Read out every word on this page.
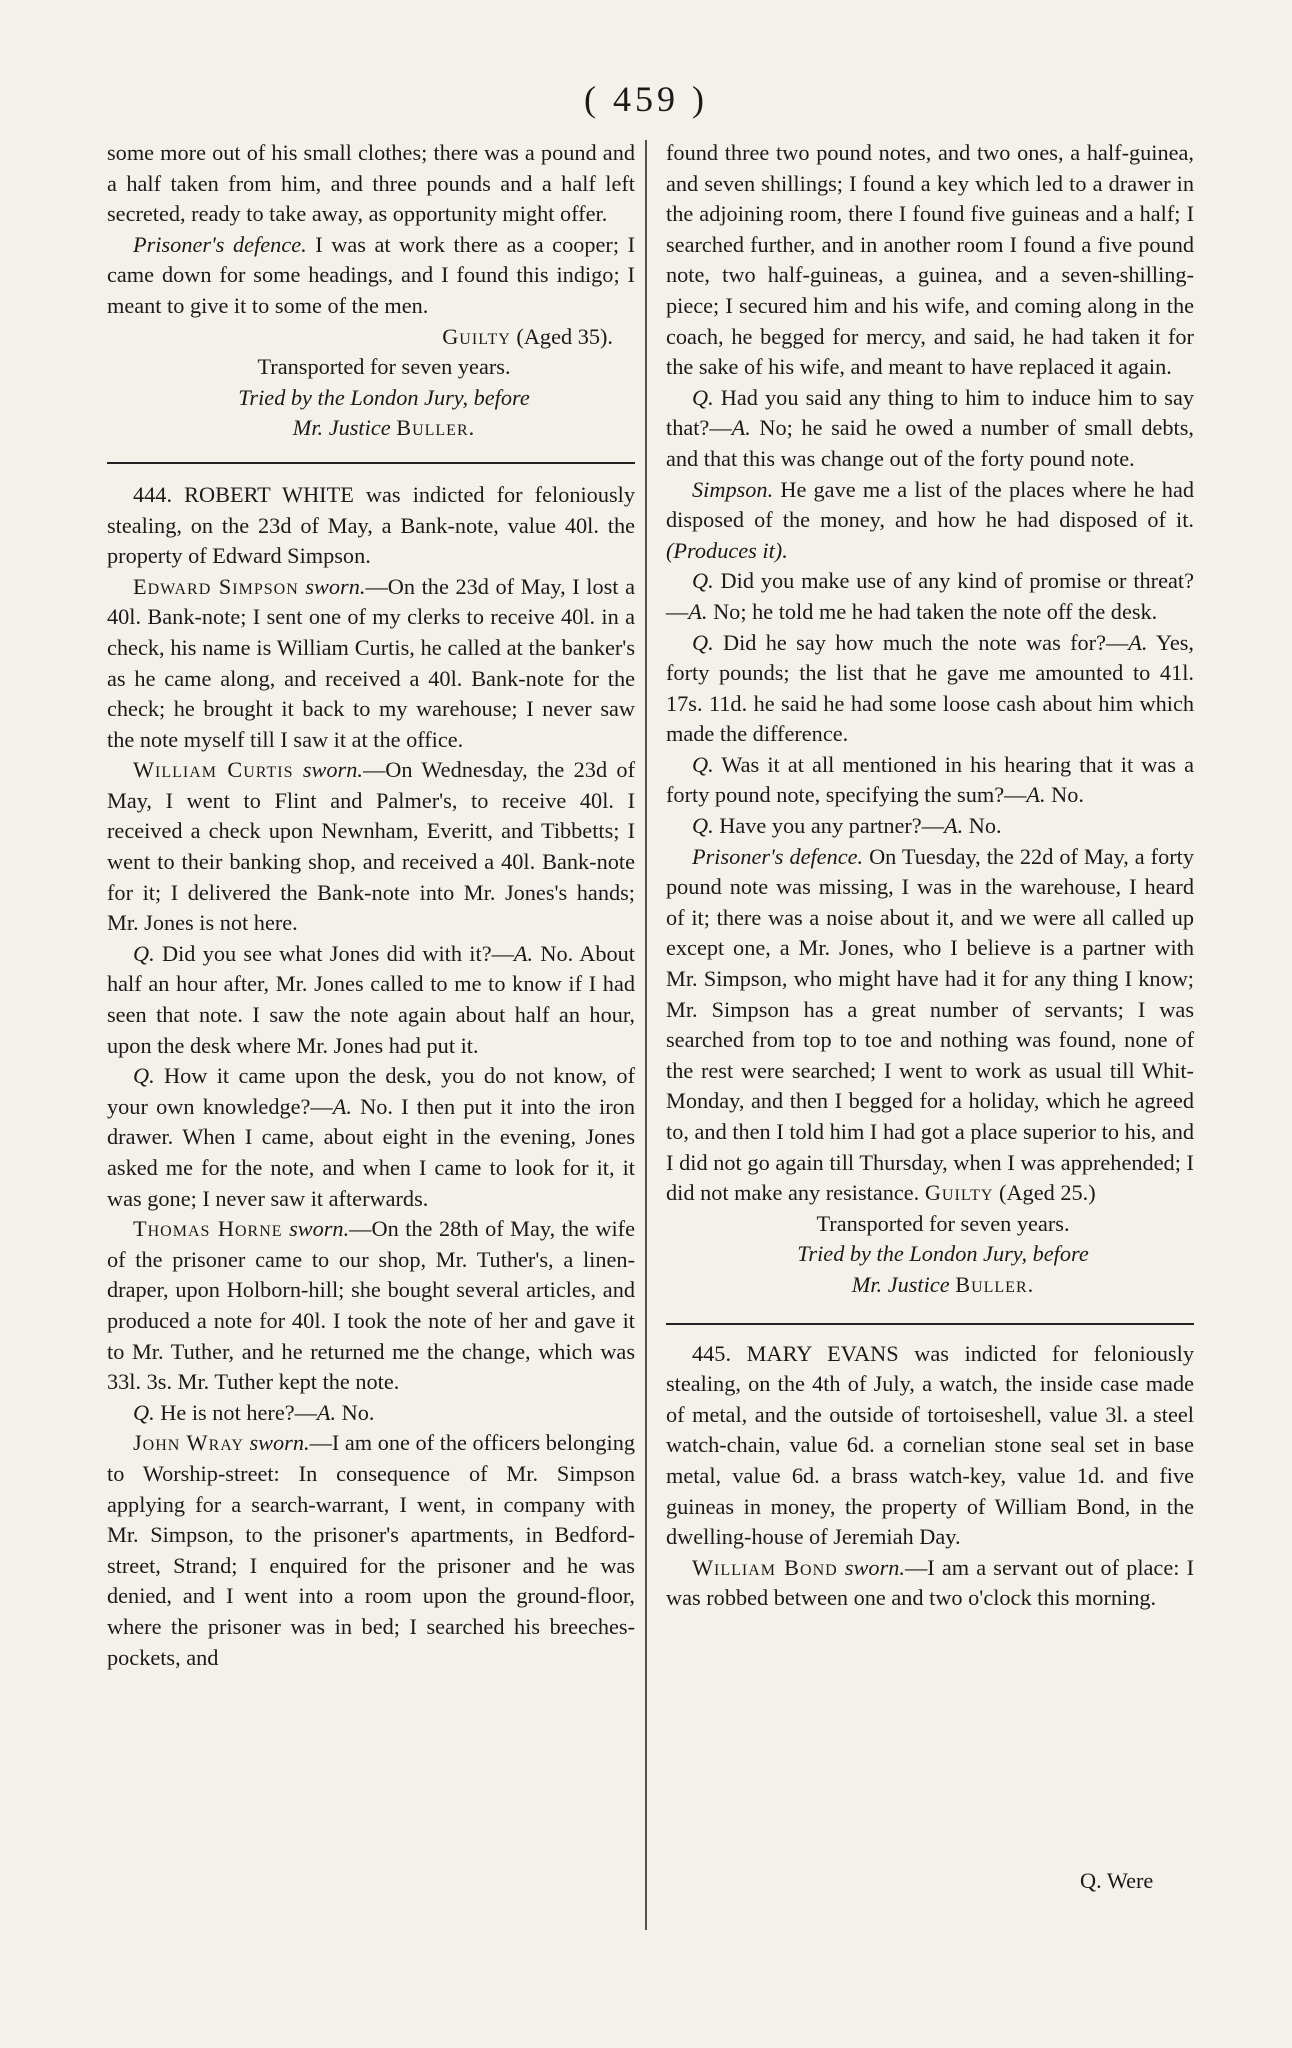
( 459 )

some more out of his small clothes; there was a pound and a half taken from him, and three pounds and a half left secreted, ready to take away, as opportunity might offer.

Prisoner's defence. I was at work there as a cooper; I came down for some headings, and I found this indigo; I meant to give it to some of the men.

Guilty (Aged 35).

Transported for seven years.

Tried by the London Jury, before

Mr. Justice Buller.

444. ROBERT WHITE was indicted for feloniously stealing, on the 23d of May, a Bank-note, value 40l. the property of Edward Simpson.

Edward Simpson sworn.—On the 23d of May, I lost a 40l. Bank-note; I sent one of my clerks to receive 40l. in a check, his name is William Curtis, he called at the banker's as he came along, and received a 40l. Bank-note for the check; he brought it back to my warehouse; I never saw the note myself till I saw it at the office.

William Curtis sworn.—On Wednesday, the 23d of May, I went to Flint and Palmer's, to receive 40l. I received a check upon Newnham, Everitt, and Tibbetts; I went to their banking shop, and received a 40l. Bank-note for it; I delivered the Bank-note into Mr. Jones's hands; Mr. Jones is not here.

Q. Did you see what Jones did with it?—A. No. About half an hour after, Mr. Jones called to me to know if I had seen that note. I saw the note again about half an hour, upon the desk where Mr. Jones had put it.

Q. How it came upon the desk, you do not know, of your own knowledge?—A. No. I then put it into the iron drawer. When I came, about eight in the evening, Jones asked me for the note, and when I came to look for it, it was gone; I never saw it afterwards.

Thomas Horne sworn.—On the 28th of May, the wife of the prisoner came to our shop, Mr. Tuther's, a linen-draper, upon Holborn-hill; she bought several articles, and produced a note for 40l. I took the note of her and gave it to Mr. Tuther, and he returned me the change, which was 33l. 3s. Mr. Tuther kept the note.

Q. He is not here?—A. No.

John Wray sworn.—I am one of the officers belonging to Worship-street: In consequence of Mr. Simpson applying for a search-warrant, I went, in company with Mr. Simpson, to the prisoner's apartments, in Bedford-street, Strand; I enquired for the prisoner and he was denied, and I went into a room upon the ground-floor, where the prisoner was in bed; I searched his breeches-pockets, and

found three two pound notes, and two ones, a half-guinea, and seven shillings; I found a key which led to a drawer in the adjoining room, there I found five guineas and a half; I searched further, and in another room I found a five pound note, two half-guineas, a guinea, and a seven-shilling-piece; I secured him and his wife, and coming along in the coach, he begged for mercy, and said, he had taken it for the sake of his wife, and meant to have replaced it again.

Q. Had you said any thing to him to induce him to say that?—A. No; he said he owed a number of small debts, and that this was change out of the forty pound note.

Simpson. He gave me a list of the places where he had disposed of the money, and how he had disposed of it. (Produces it).

Q. Did you make use of any kind of promise or threat?—A. No; he told me he had taken the note off the desk.

Q. Did he say how much the note was for?—A. Yes, forty pounds; the list that he gave me amounted to 41l. 17s. 11d. he said he had some loose cash about him which made the difference.

Q. Was it at all mentioned in his hearing that it was a forty pound note, specifying the sum?—A. No.

Q. Have you any partner?—A. No.

Prisoner's defence. On Tuesday, the 22d of May, a forty pound note was missing, I was in the warehouse, I heard of it; there was a noise about it, and we were all called up except one, a Mr. Jones, who I believe is a partner with Mr. Simpson, who might have had it for any thing I know; Mr. Simpson has a great number of servants; I was searched from top to toe and nothing was found, none of the rest were searched; I went to work as usual till Whit-Monday, and then I begged for a holiday, which he agreed to, and then I told him I had got a place superior to his, and I did not go again till Thursday, when I was apprehended; I did not make any resistance. Guilty (Aged 25.)

Transported for seven years.

Tried by the London Jury, before

Mr. Justice Buller.

445. MARY EVANS was indicted for feloniously stealing, on the 4th of July, a watch, the inside case made of metal, and the outside of tortoiseshell, value 3l. a steel watch-chain, value 6d. a cornelian stone seal set in base metal, value 6d. a brass watch-key, value 1d. and five guineas in money, the property of William Bond, in the dwelling-house of Jeremiah Day.

William Bond sworn.—I am a servant out of place: I was robbed between one and two o'clock this morning.

Q. Were
